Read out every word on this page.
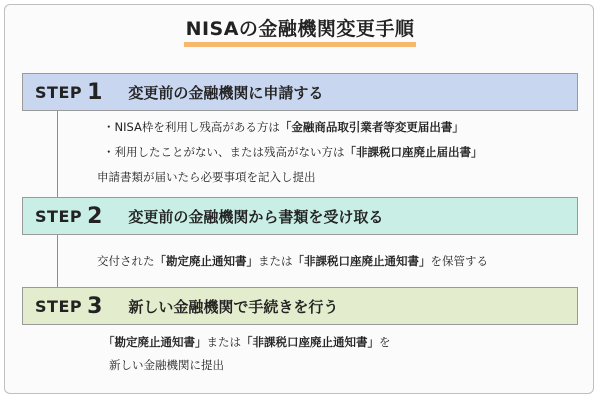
NISAの金融機関変更手順
STEP 1 変更前の金融機関に申請する
・NISA枠を利用し残高がある方は「金融商品取引業者等変更届出書」
・利用したことがない、または残高がない方は「非課税口座廃止届出書」
申請書類が届いたら必要事項を記入し提出
STEP 2 変更前の金融機関から書類を受け取る
交付された「勘定廃止通知書」または「非課税口座廃止通知書」を保管する
STEP 3 新しい金融機関で手続きを行う
「勘定廃止通知書」または「非課税口座廃止通知書」を
新しい金融機関に提出
